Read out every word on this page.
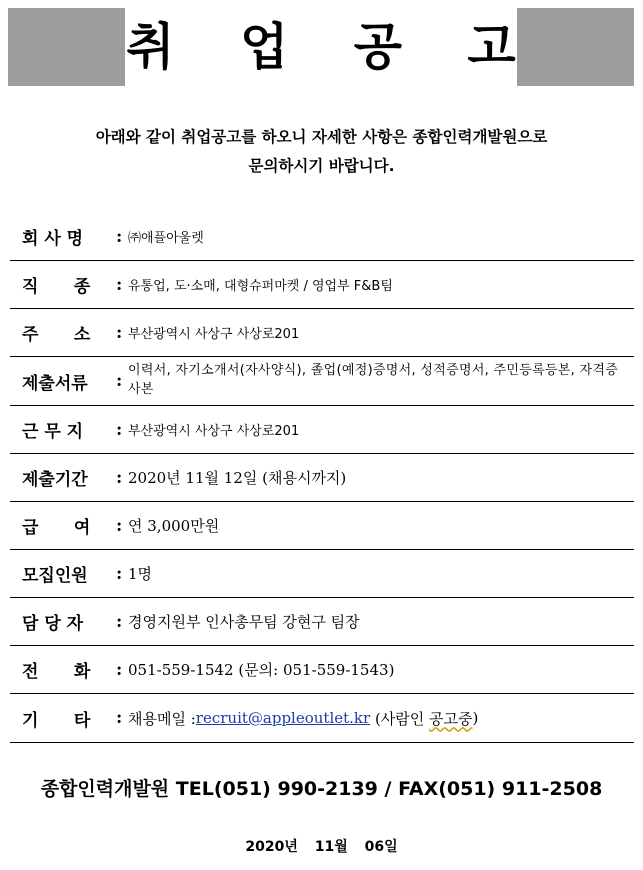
취 업 공 고
아래와 같이 취업공고를 하오니 자세한 사항은 종합인력개발원으로
문의하시기 바랍니다.
회 사 명 : ㈜애플아울렛
직      종 : 유통업, 도·소매, 대형슈퍼마켓 / 영업부 F&B팀
주      소 : 부산광역시 사상구 사상로201
제출서류 :
이력서, 자기소개서(자사양식), 졸업(예정)증명서, 성적증명서, 주민등록등본, 자격증 사본
근 무 지 : 부산광역시 사상구 사상로201
제출기간 : 2020년 11월 12일 (채용시까지)
급      여 : 연 3,000만원
모집인원 : 1명
담 당 자 : 경영지원부 인사총무팀 강현구 팀장
전      화 : 051-559-1542 (문의: 051-559-1543)
기      타 : 채용메일 : recruit@appleoutlet.kr (사람인 공고중 )
종합인력개발원 TEL(051) 990-2139 / FAX(051) 911-2508
2020년 11월 06일
